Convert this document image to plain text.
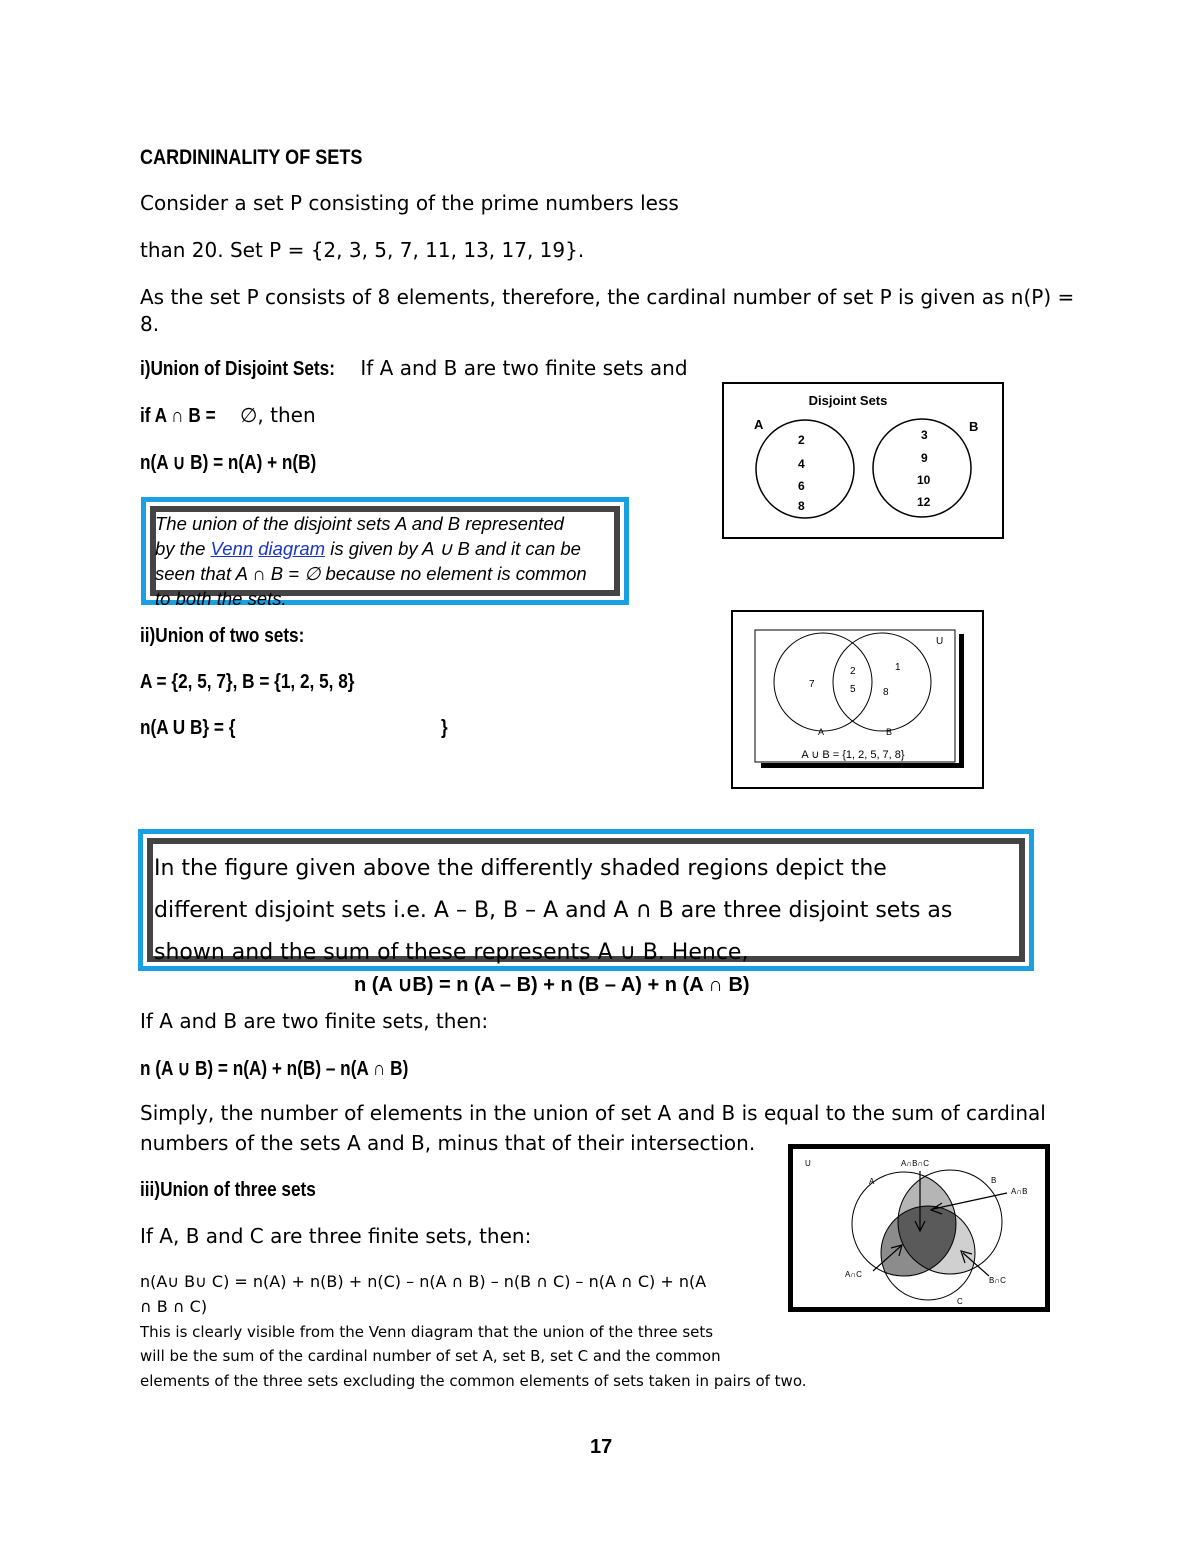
CARDININALITY OF SETS
Consider a set P consisting of the prime numbers less
than 20. Set P = {2, 3, 5, 7, 11, 13, 17, 19}.
As the set P consists of 8 elements, therefore, the cardinal number of set P is given as n(P) =
8.
i)Union of Disjoint Sets: If A and B are two finite sets and
if A ∩ B =∅, then
n(A ∪ B) = n(A) + n(B)
The union of the disjoint sets A and B represented
by the Venn diagram is given by A ∪ B and it can be
seen that A ∩ B = ∅ because no element is common
to both the sets.
Disjoint Sets
A	B
2
4
6
8
3
9
10
12
ii)Union of two sets:
A = {2, 5, 7}, B = {1, 2, 5, 8}
n(A U B} = {	}
U
7
2
5
1
8
A	B
A ∪ B = {1, 2, 5, 7, 8}
In the figure given above the differently shaded regions depict the
different disjoint sets i.e. A – B, B – A and A ∩ B are three disjoint sets as
shown and the sum of these represents A ∪ B. Hence,
n (A ∪B) = n (A – B) + n (B – A) + n (A ∩ B)
If A and B are two finite sets, then:
n (A ∪ B) = n(A) + n(B) – n(A ∩ B)
Simply, the number of elements in the union of set A and B is equal to the sum of cardinal
numbers of the sets A and B, minus that of their intersection.
iii)Union of three sets
If A, B and C are three finite sets, then:
n(A∪ B∪ C) = n(A) + n(B) + n(C) – n(A ∩ B) – n(B ∩ C) – n(A ∩ C) + n(A
∩ B ∩ C)
This is clearly visible from the Venn diagram that the union of the three sets
will be the sum of the cardinal number of set A, set B, set C and the common
elements of the three sets excluding the common elements of sets taken in pairs of two.
U	A∩B∩C
A	B
C
A∩B
A∩C
B∩C
17
